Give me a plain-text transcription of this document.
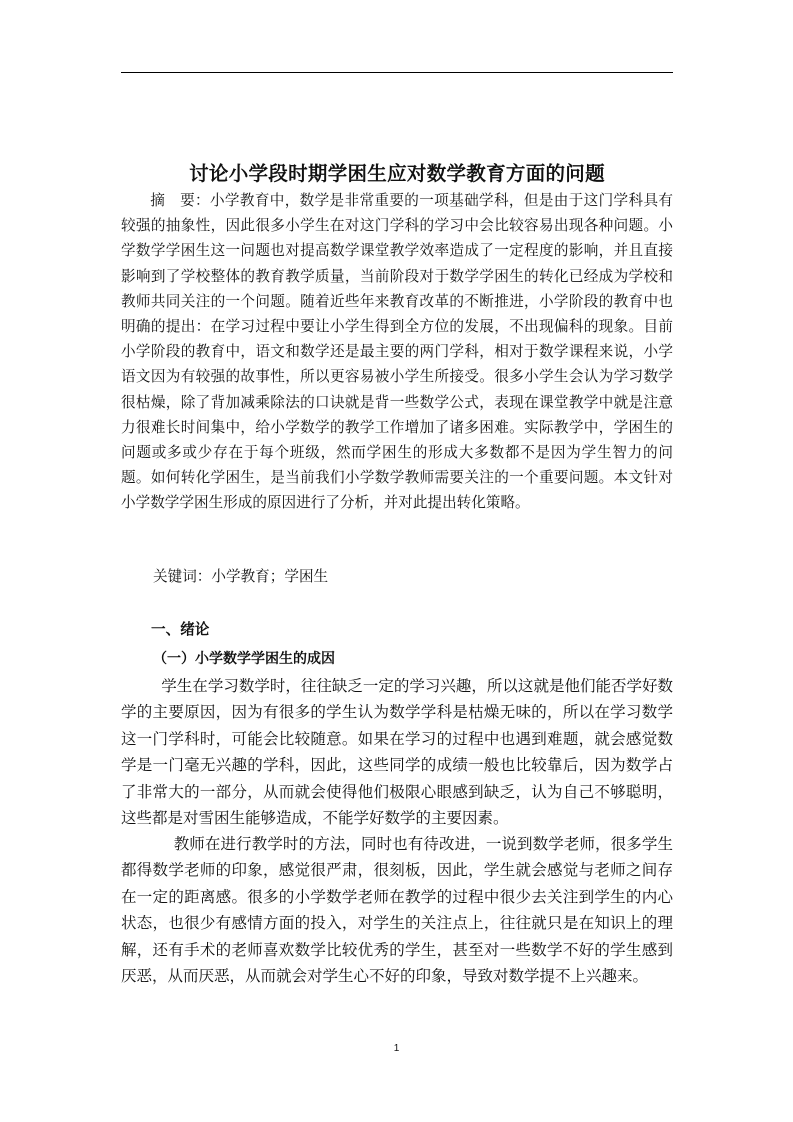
讨论小学段时期学困生应对数学教育方面的问题

摘　要：小学教育中，数学是非常重要的一项基础学科，但是由于这门学科具有较强的抽象性，因此很多小学生在对这门学科的学习中会比较容易出现各种问题。小学数学学困生这一问题也对提高数学课堂教学效率造成了一定程度的影响，并且直接影响到了学校整体的教育教学质量，当前阶段对于数学学困生的转化已经成为学校和教师共同关注的一个问题。随着近些年来教育改革的不断推进，小学阶段的教育中也明确的提出：在学习过程中要让小学生得到全方位的发展，不出现偏科的现象。目前小学阶段的教育中，语文和数学还是最主要的两门学科，相对于数学课程来说，小学语文因为有较强的故事性，所以更容易被小学生所接受。很多小学生会认为学习数学很枯燥，除了背加减乘除法的口诀就是背一些数学公式，表现在课堂教学中就是注意力很难长时间集中，给小学数学的教学工作增加了诸多困难。实际教学中，学困生的问题或多或少存在于每个班级，然而学困生的形成大多数都不是因为学生智力的问题。如何转化学困生，是当前我们小学数学教师需要关注的一个重要问题。本文针对小学数学学困生形成的原因进行了分析，并对此提出转化策略。

关键词：小学教育；学困生
一、绪论
（一）小学数学学困生的成因

学生在学习数学时，往往缺乏一定的学习兴趣，所以这就是他们能否学好数学的主要原因，因为有很多的学生认为数学学科是枯燥无味的，所以在学习数学这一门学科时，可能会比较随意。如果在学习的过程中也遇到难题，就会感觉数学是一门毫无兴趣的学科，因此，这些同学的成绩一般也比较靠后，因为数学占了非常大的一部分，从而就会使得他们极限心眼感到缺乏，认为自己不够聪明，这些都是对雪困生能够造成，不能学好数学的主要因素。

教师在进行教学时的方法，同时也有待改进，一说到数学老师，很多学生都得数学老师的印象，感觉很严肃，很刻板，因此，学生就会感觉与老师之间存在一定的距离感。很多的小学数学老师在教学的过程中很少去关注到学生的内心状态，也很少有感情方面的投入，对学生的关注点上，往往就只是在知识上的理解，还有手术的老师喜欢数学比较优秀的学生，甚至对一些数学不好的学生感到厌恶，从而厌恶，从而就会对学生心不好的印象，导致对数学提不上兴趣来。

1
